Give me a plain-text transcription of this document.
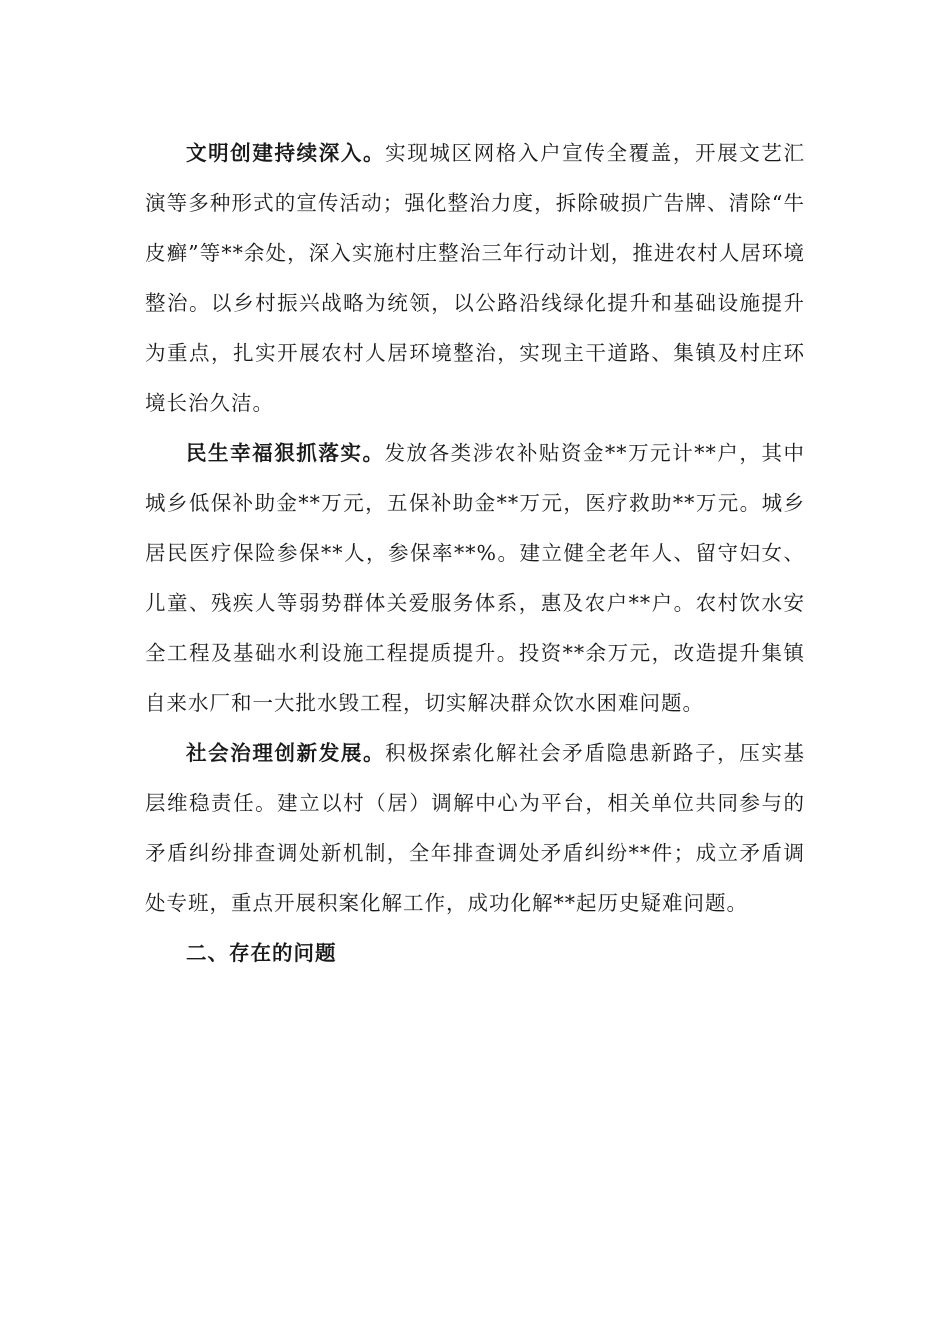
文明创建持续深入。实现城区网格入户宣传全覆盖，开展文艺汇演等多种形式的宣传活动；强化整治力度，拆除破损广告牌、清除“牛皮癣”等**余处，深入实施村庄整治三年行动计划，推进农村人居环境整治。以乡村振兴战略为统领，以公路沿线绿化提升和基础设施提升为重点，扎实开展农村人居环境整治，实现主干道路、集镇及村庄环境长治久洁。

民生幸福狠抓落实。发放各类涉农补贴资金**万元计**户，其中城乡低保补助金**万元，五保补助金**万元，医疗救助**万元。城乡居民医疗保险参保**人，参保率**%。建立健全老年人、留守妇女、儿童、残疾人等弱势群体关爱服务体系，惠及农户**户。农村饮水安全工程及基础水利设施工程提质提升。投资**余万元，改造提升集镇自来水厂和一大批水毁工程，切实解决群众饮水困难问题。

社会治理创新发展。积极探索化解社会矛盾隐患新路子，压实基层维稳责任。建立以村（居）调解中心为平台，相关单位共同参与的矛盾纠纷排查调处新机制，全年排查调处矛盾纠纷**件；成立矛盾调处专班，重点开展积案化解工作，成功化解**起历史疑难问题。

二、存在的问题
